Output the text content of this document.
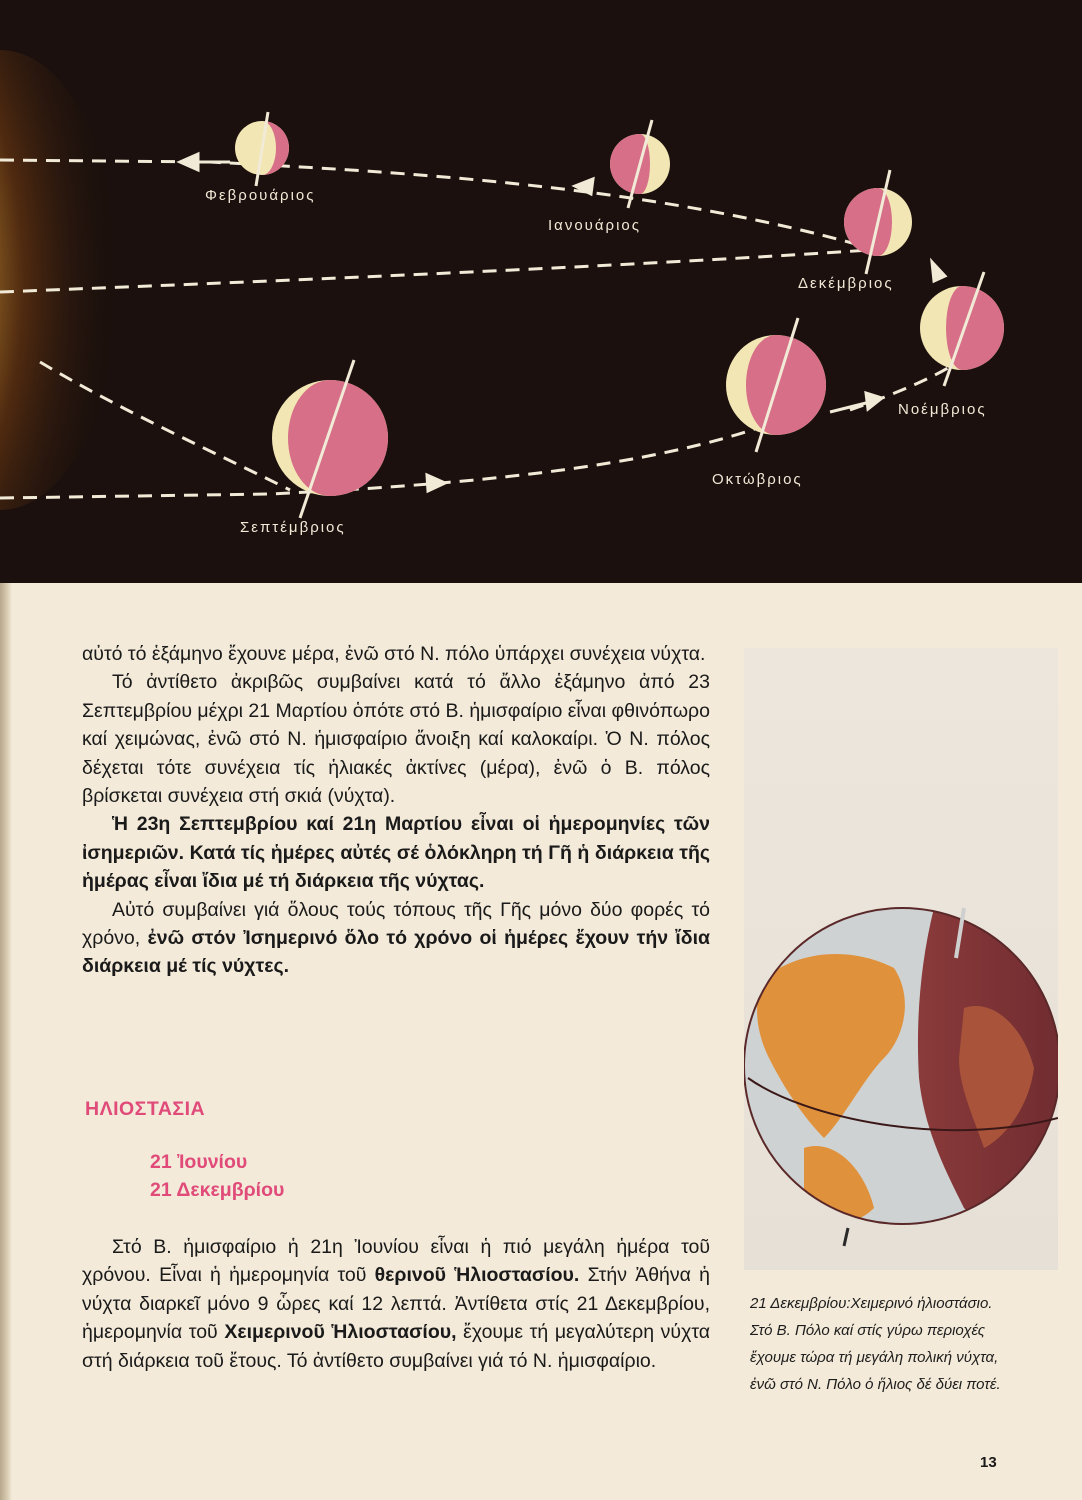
Φεβρουάριος
Ιανουάριος
Δεκέμβριος
Νοέμβριος
Οκτώβριος
Σεπτέμβριος

αὐτό τό ἑξάμηνο ἔχουνε μέρα, ἐνῶ στό Ν. πόλο ὑπάρχει συνέχεια νύχτα.

Τό ἀντίθετο ἀκριβῶς συμβαίνει κατά τό ἄλλο ἑξάμηνο ἀπό 23 Σεπτεμβρίου μέχρι 21 Μαρτίου ὁπότε στό Β. ἡμισφαίριο εἶναι φθινόπωρο καί χειμώνας, ἐνῶ στό Ν. ἡμισφαίριο ἄνοιξη καί καλοκαίρι. Ὁ Ν. πόλος δέχεται τότε συνέχεια τίς ἡλιακές ἀκτίνες (μέρα), ἐνῶ ὁ Β. πόλος βρίσκεται συνέχεια στή σκιά (νύχτα).

Ἡ 23η Σεπτεμβρίου καί 21η Μαρτίου εἶναι οἱ ἡμερομηνίες τῶν ἰσημεριῶν. Κατά τίς ἡμέρες αὐτές σέ ὁλόκληρη τή Γῆ ἡ διάρκεια τῆς ἡμέρας εἶναι ἴδια μέ τή διάρκεια τῆς νύχτας.

Αὐτό συμβαίνει γιά ὅλους τούς τόπους τῆς Γῆς μόνο δύο φορές τό χρόνο, ἐνῶ στόν Ἰσημερινό ὅλο τό χρόνο οἱ ἡμέρες ἔχουν τήν ἴδια διάρκεια μέ τίς νύχτες.

ΗΛΙΟΣΤΑΣΙΑ
21 Ἰουνίου
21 Δεκεμβρίου

Στό Β. ἡμισφαίριο ἡ 21η Ἰουνίου εἶναι ἡ πιό μεγάλη ἡμέρα τοῦ χρόνου. Εἶναι ἡ ἡμερομηνία τοῦ θερινοῦ Ἡλιοστασίου. Στήν Ἀθήνα ἡ νύχτα διαρκεῖ μόνο 9 ὧρες καί 12 λεπτά. Ἀντίθετα στίς 21 Δεκεμβρίου, ἡμερομηνία τοῦ Χειμερινοῦ Ἡλιοστασίου, ἔχουμε τή μεγαλύτερη νύχτα στή διάρκεια τοῦ ἔτους. Τό ἀντίθετο συμβαίνει γιά τό Ν. ἡμισφαίριο.

21 Δεκεμβρίου:Χειμερινό ἡλιοστάσιο. Στό Β. Πόλο καί στίς γύρω περιοχές ἔχουμε τώρα τή μεγάλη πολική νύχτα, ἐνῶ στό Ν. Πόλο ὁ ἥλιος δέ δύει ποτέ.
13
